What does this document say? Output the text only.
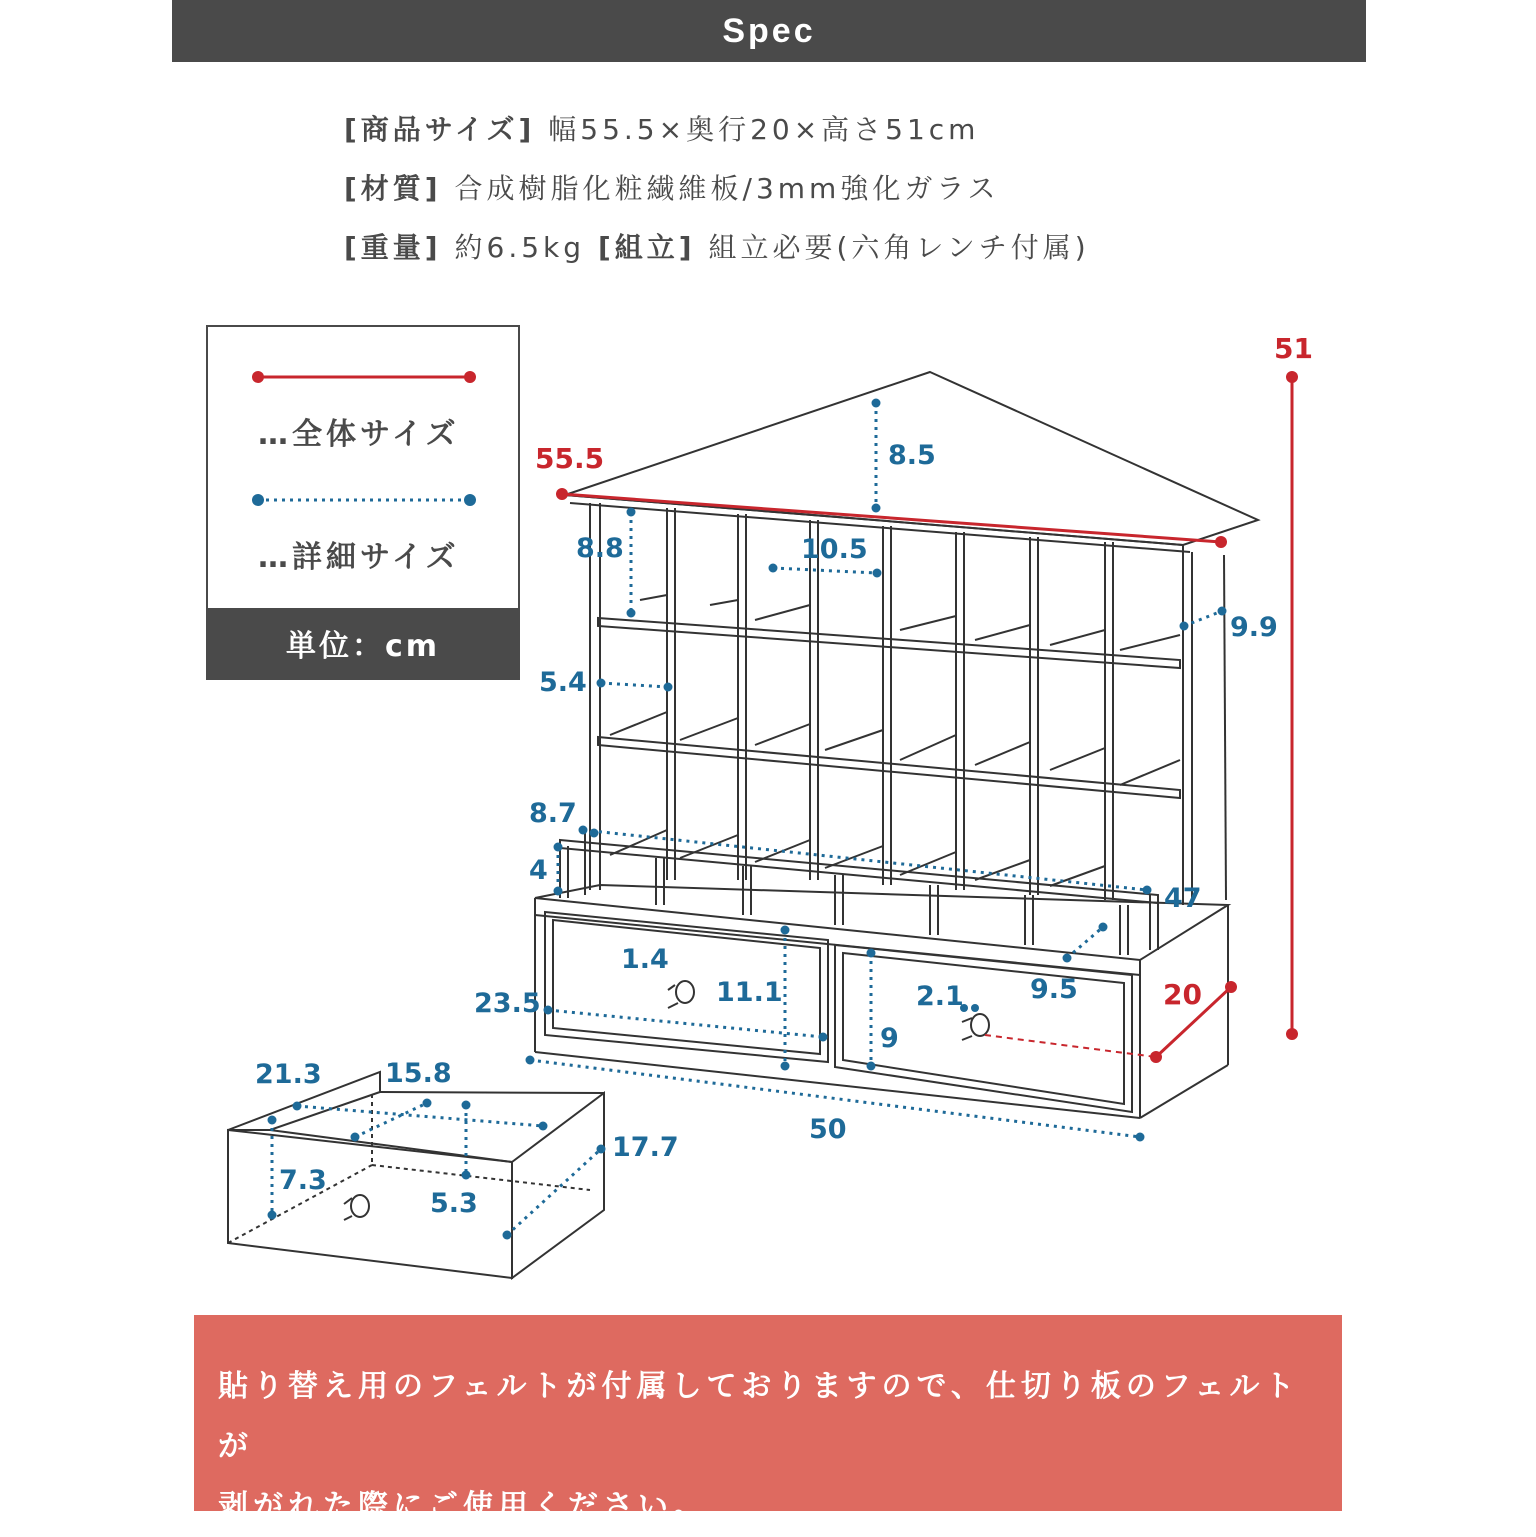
Spec
[商品サイズ] 幅55.5×奥行20×高さ51cm
[材質] 合成樹脂化粧繊維板/3mm強化ガラス
[重量] 約6.5kg [組立] 組立必要(六角レンチ付属)
…全体サイズ
…詳細サイズ
単位：cm
55.5
51
20
8.5
8.8	10.5
9.9
5.4
8.7
4
47
9.5
1.4
11.1
23.5	2.1
9
50
21.3 15.8
17.7
7.3
5.3
貼り替え用のフェルトが付属しておりますので、仕切り板のフェルトが
剥がれた際にご使用ください。
